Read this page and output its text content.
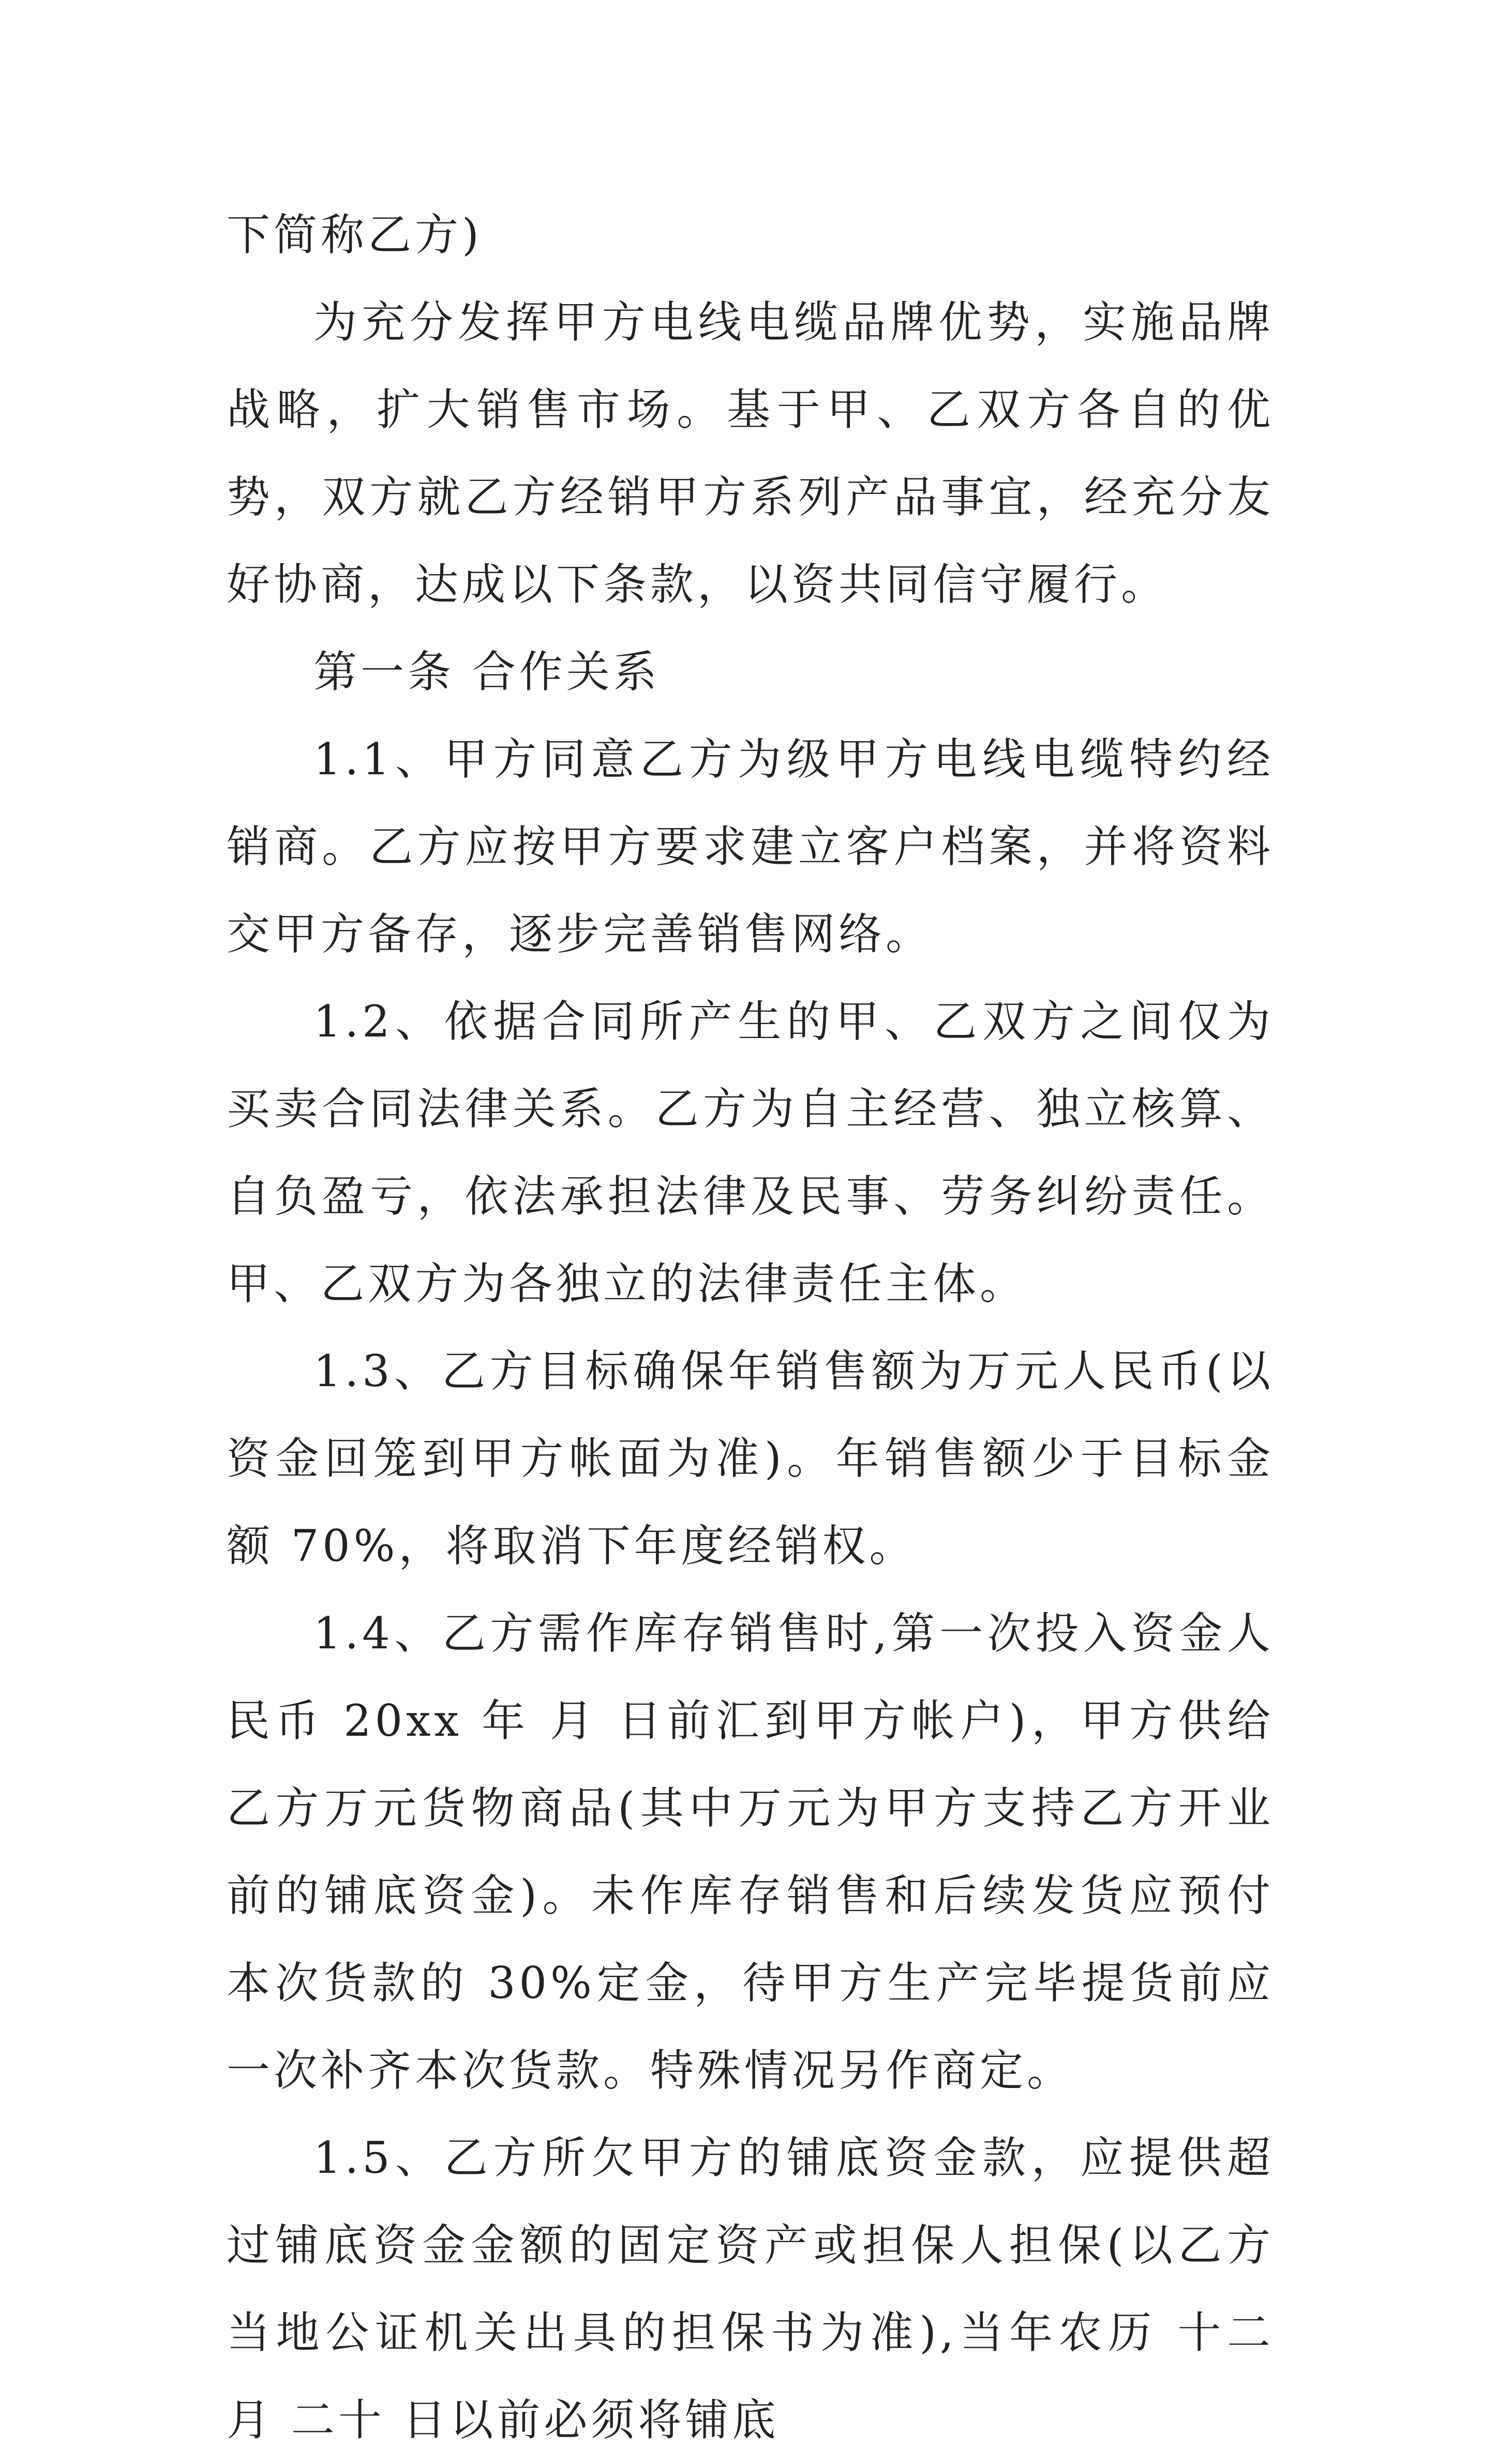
下简称乙方)

为充分发挥甲方电线电缆品牌优势，实施品牌战略，扩大销售市场。基于甲、乙双方各自的优势，双方就乙方经销甲方系列产品事宜，经充分友好协商，达成以下条款，以资共同信守履行。

第一条 合作关系

1.1、甲方同意乙方为级甲方电线电缆特约经销商。乙方应按甲方要求建立客户档案，并将资料交甲方备存，逐步完善销售网络。

1.2、依据合同所产生的甲、乙双方之间仅为买卖合同法律关系。乙方为自主经营、独立核算、自负盈亏，依法承担法律及民事、劳务纠纷责任。甲、乙双方为各独立的法律责任主体。

1.3、乙方目标确保年销售额为万元人民币(以资金回笼到甲方帐面为准)。年销售额少于目标金额 70%，将取消下年度经销权。

1.4、乙方需作库存销售时,第一次投入资金人民币 20xx 年 月 日前汇到甲方帐户)，甲方供给乙方万元货物商品(其中万元为甲方支持乙方开业前的铺底资金)。未作库存销售和后续发货应预付本次货款的 30%定金，待甲方生产完毕提货前应一次补齐本次货款。特殊情况另作商定。

1.5、乙方所欠甲方的铺底资金款，应提供超过铺底资金金额的固定资产或担保人担保(以乙方当地公证机关出具的担保书为准),当年农历 十二 月 二十 日以前必须将铺底
